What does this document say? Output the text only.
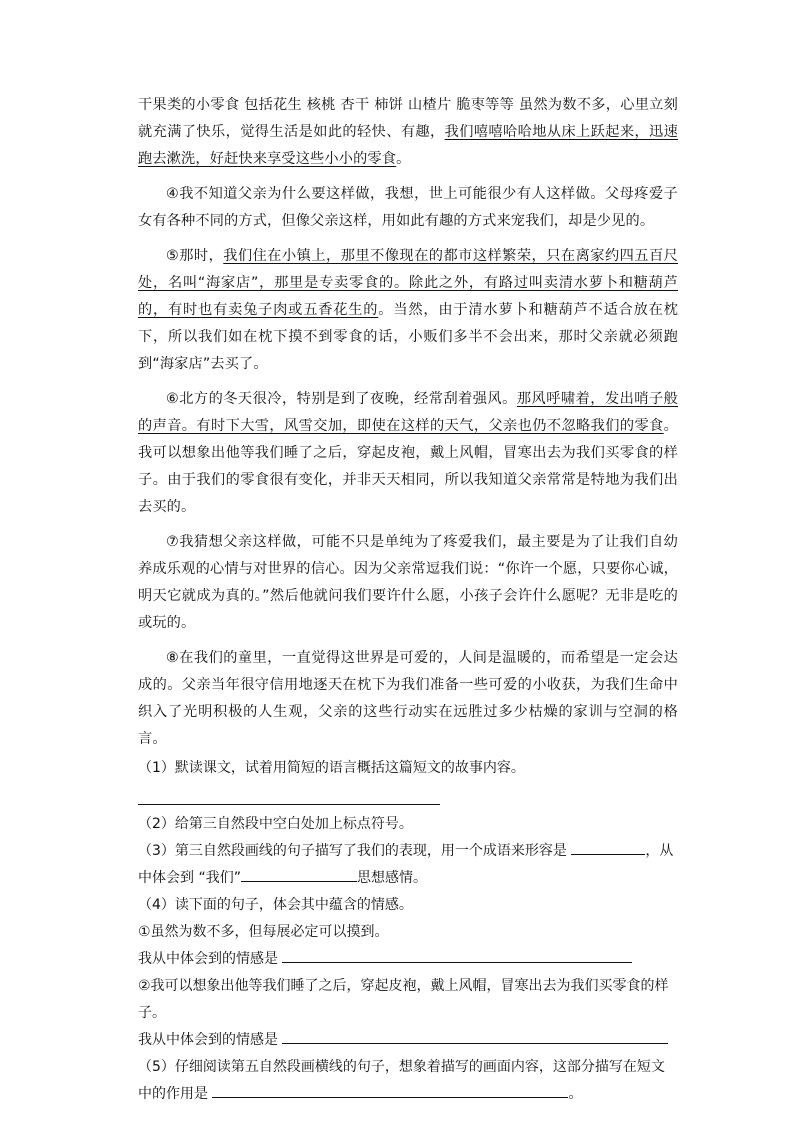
干果类的小零食 包括花生 核桃 杏干 柿饼 山楂片 脆枣等等 虽然为数不多，心里立刻就充满了快乐，觉得生活是如此的轻快、有趣，我们嘻嘻哈哈地从床上跃起来，迅速跑去漱洗，好赶快来享受这些小小的零食。

④我不知道父亲为什么要这样做，我想，世上可能很少有人这样做。父母疼爱子女有各种不同的方式，但像父亲这样，用如此有趣的方式来宠我们，却是少见的。

⑤那时，我们住在小镇上，那里不像现在的都市这样繁荣，只在离家约四五百尺处，名叫“海家店”，那里是专卖零食的。除此之外，有路过叫卖清水萝卜和糖葫芦的，有时也有卖兔子肉或五香花生的。当然，由于清水萝卜和糖葫芦不适合放在枕下，所以我们如在枕下摸不到零食的话，小贩们多半不会出来，那时父亲就必须跑到“海家店”去买了。

⑥北方的冬天很冷，特别是到了夜晚，经常刮着强风。那风呼啸着，发出哨子般的声音。有时下大雪，风雪交加，即使在这样的天气，父亲也仍不忽略我们的零食。我可以想象出他等我们睡了之后，穿起皮袍，戴上风帽，冒寒出去为我们买零食的样子。由于我们的零食很有变化，并非天天相同，所以我知道父亲常常是特地为我们出去买的。

⑦我猜想父亲这样做，可能不只是单纯为了疼爱我们，最主要是为了让我们自幼养成乐观的心情与对世界的信心。因为父亲常逗我们说：“你许一个愿，只要你心诚，明天它就成为真的。”然后他就问我们要许什么愿，小孩子会许什么愿呢？无非是吃的或玩的。

⑧在我们的童里，一直觉得这世界是可爱的，人间是温暖的，而希望是一定会达成的。父亲当年很守信用地逐天在枕下为我们准备一些可爱的小收获，为我们生命中织入了光明积极的人生观，父亲的这些行动实在远胜过多少枯燥的家训与空洞的格言。

（1）默读课文，试着用简短的语言概括这篇短文的故事内容。

（2）给第三自然段中空白处加上标点符号。

（3）第三自然段画线的句子描写了我们的表现，用一个成语来形容是	，从中体会到 “我们”	思想感情。

（4）读下面的句子，体会其中蕴含的情感。

①虽然为数不多，但每展必定可以摸到。

我从中体会到的情感是

②我可以想象出他等我们睡了之后，穿起皮袍，戴上风帽，冒寒出去为我们买零食的样子。

我从中体会到的情感是

（5）仔细阅读第五自然段画横线的句子，想象着描写的画面内容，这部分描写在短文中的作用是	。
